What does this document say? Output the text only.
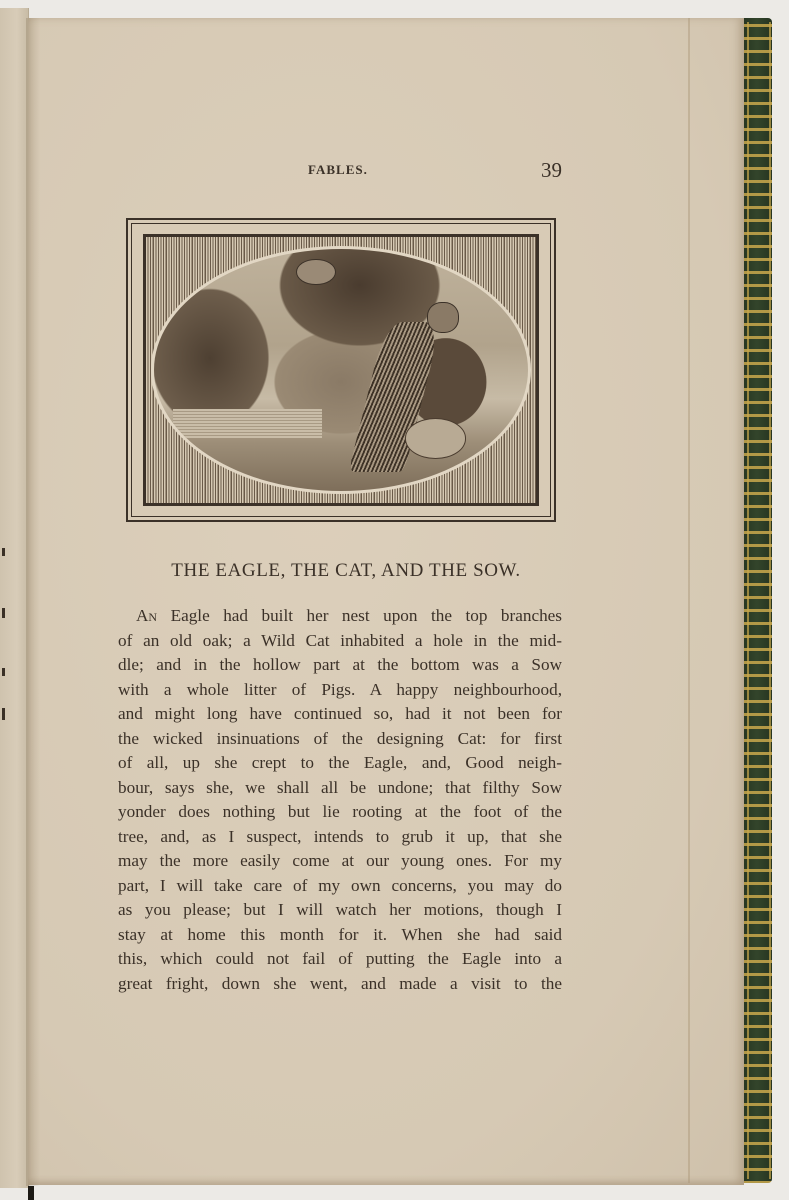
FABLES.	39
THE EAGLE, THE CAT, AND THE SOW.
An Eagle had built her nest upon the top branches
of an old oak; a Wild Cat inhabited a hole in the mid-
dle; and in the hollow part at the bottom was a Sow
with a whole litter of Pigs. A happy neighbourhood,
and might long have continued so, had it not been for
the wicked insinuations of the designing Cat: for first
of all, up she crept to the Eagle, and, Good neigh-
bour, says she, we shall all be undone; that filthy Sow
yonder does nothing but lie rooting at the foot of the
tree, and, as I suspect, intends to grub it up, that she
may the more easily come at our young ones. For my
part, I will take care of my own concerns, you may do
as you please; but I will watch her motions, though I
stay at home this month for it. When she had said
this, which could not fail of putting the Eagle into a
great fright, down she went, and made a visit to the
